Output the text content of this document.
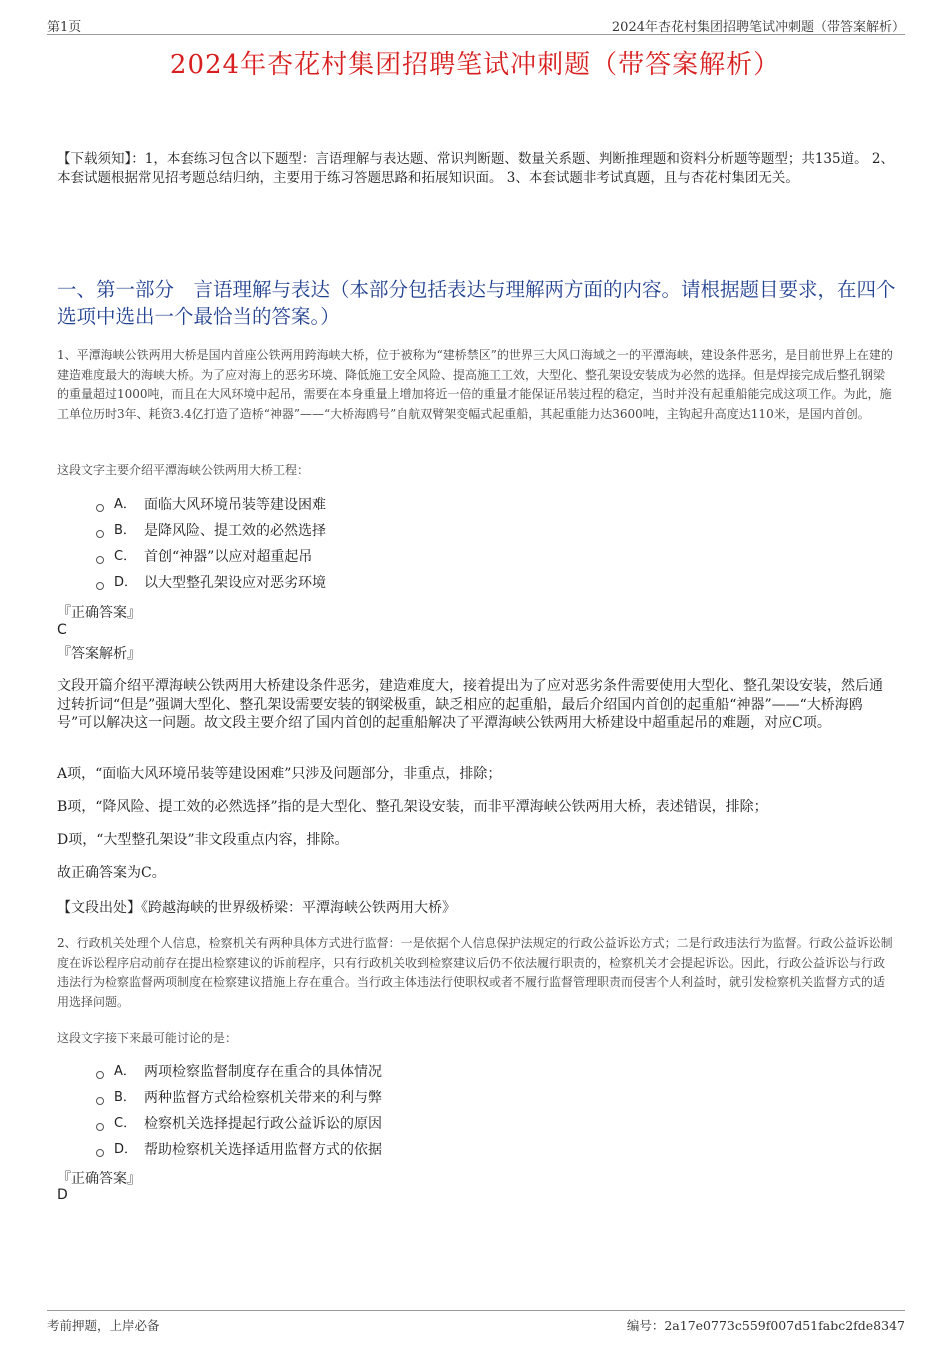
第1页	2024年杏花村集团招聘笔试冲刺题（带答案解析）
2024年杏花村集团招聘笔试冲刺题（带答案解析）
【下载须知】：1，本套练习包含以下题型：言语理解与表达题、常识判断题、数量关系题、判断推理题和资料分析题等题型；共135道。 2、本套试题根据常见招考题总结归纳，主要用于练习答题思路和拓展知识面。 3、本套试题非考试真题，且与杏花村集团无关。
一、第一部分　言语理解与表达（本部分包括表达与理解两方面的内容。请根据题目要求，在四个选项中选出一个最恰当的答案。）
1、平潭海峡公铁两用大桥是国内首座公铁两用跨海峡大桥，位于被称为“建桥禁区”的世界三大风口海域之一的平潭海峡，建设条件恶劣，是目前世界上在建的建造难度最大的海峡大桥。为了应对海上的恶劣环境、降低施工安全风险、提高施工工效，大型化、整孔架设安装成为必然的选择。但是焊接完成后整孔钢梁的重量超过1000吨，而且在大风环境中起吊，需要在本身重量上增加将近一倍的重量才能保证吊装过程的稳定，当时并没有起重船能完成这项工作。为此，施工单位历时3年、耗资3.4亿打造了造桥“神器”——“大桥海鸥号”自航双臂架变幅式起重船，其起重能力达3600吨，主钩起升高度达110米，是国内首创。
这段文字主要介绍平潭海峡公铁两用大桥工程：
A． 面临大风环境吊装等建设困难
B． 是降风险、提工效的必然选择
C． 首创“神器”以应对超重起吊
D． 以大型整孔架设应对恶劣环境
『正确答案』
C
『答案解析』
文段开篇介绍平潭海峡公铁两用大桥建设条件恶劣，建造难度大，接着提出为了应对恶劣条件需要使用大型化、整孔架设安装，然后通过转折词“但是”强调大型化、整孔架设需要安装的钢梁极重，缺乏相应的起重船，最后介绍国内首创的起重船“神器”——“大桥海鸥号”可以解决这一问题。故文段主要介绍了国内首创的起重船解决了平潭海峡公铁两用大桥建设中超重起吊的难题，对应C项。
A项，“面临大风环境吊装等建设困难”只涉及问题部分，非重点，排除；
B项，“降风险、提工效的必然选择”指的是大型化、整孔架设安装，而非平潭海峡公铁两用大桥，表述错误，排除；
D项，“大型整孔架设”非文段重点内容，排除。
故正确答案为C。
【文段出处】《跨越海峡的世界级桥梁：平潭海峡公铁两用大桥》
2、行政机关处理个人信息，检察机关有两种具体方式进行监督：一是依据个人信息保护法规定的行政公益诉讼方式；二是行政违法行为监督。行政公益诉讼制度在诉讼程序启动前存在提出检察建议的诉前程序，只有行政机关收到检察建议后仍不依法履行职责的，检察机关才会提起诉讼。因此，行政公益诉讼与行政违法行为检察监督两项制度在检察建议措施上存在重合。当行政主体违法行使职权或者不履行监督管理职责而侵害个人利益时，就引发检察机关监督方式的适用选择问题。
这段文字接下来最可能讨论的是：
A． 两项检察监督制度存在重合的具体情况
B． 两种监督方式给检察机关带来的利与弊
C． 检察机关选择提起行政公益诉讼的原因
D． 帮助检察机关选择适用监督方式的依据
『正确答案』
D
考前押题，上岸必备	编号：2a17e0773c559f007d51fabc2fde8347
